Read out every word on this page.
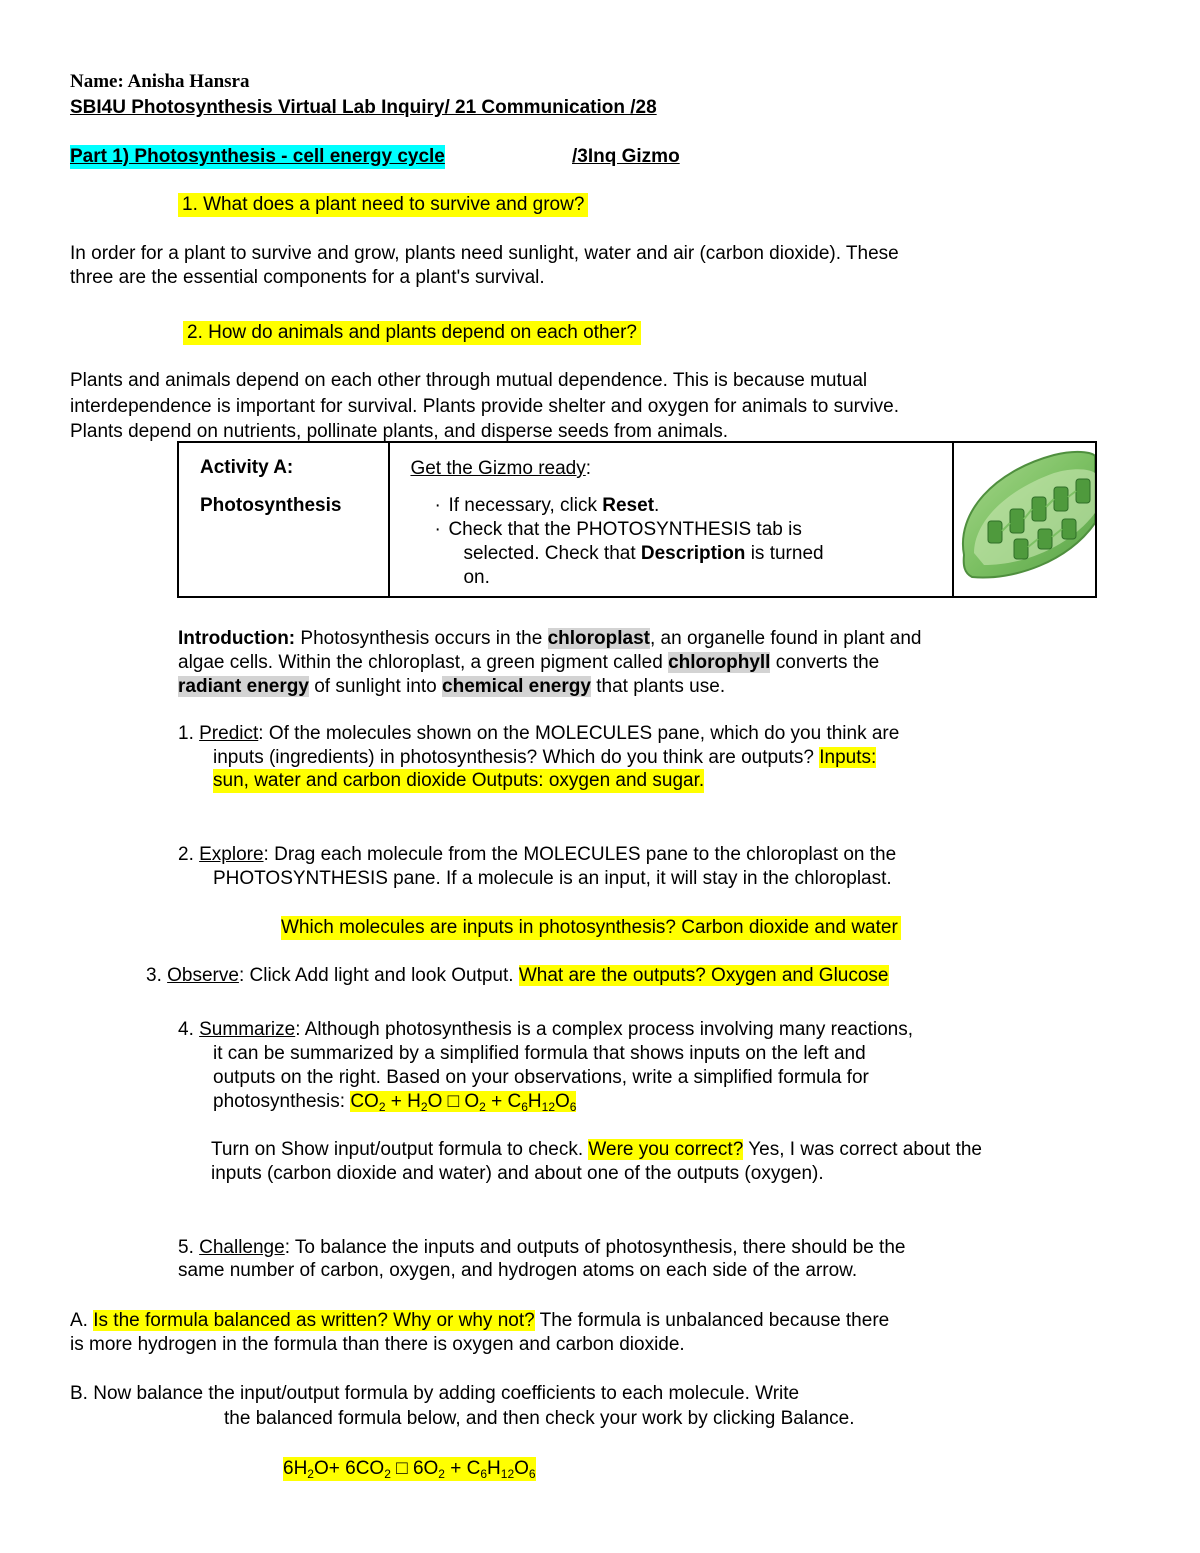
Name: Anisha Hansra
SBI4U Photosynthesis Virtual Lab Inquiry/ 21 Communication /28
Part 1) Photosynthesis - cell energy cycle	/3Inq Gizmo
1. What does a plant need to survive and grow?
In order for a plant to survive and grow, plants need sunlight, water and air (carbon dioxide). These
three are the essential components for a plant's survival.
2. How do animals and plants depend on each other?
Plants and animals depend on each other through mutual dependence. This is because mutual
interdependence is important for survival. Plants provide shelter and oxygen for animals to survive.
Plants depend on nutrients, pollinate plants, and disperse seeds from animals.
Activity A:
Photosynthesis

Get the Gizmo ready:
· If necessary, click Reset.
· Check that the PHOTOSYNTHESIS tab is
selected. Check that Description is turned
on.

Introduction: Photosynthesis occurs in the chloroplast, an organelle found in plant and
algae cells. Within the chloroplast, a green pigment called chlorophyll converts the
radiant energy of sunlight into chemical energy that plants use.
1. Predict: Of the molecules shown on the MOLECULES pane, which do you think are
inputs (ingredients) in photosynthesis? Which do you think are outputs? Inputs:
sun, water and carbon dioxide Outputs: oxygen and sugar.
2. Explore: Drag each molecule from the MOLECULES pane to the chloroplast on the
PHOTOSYNTHESIS pane. If a molecule is an input, it will stay in the chloroplast.
Which molecules are inputs in photosynthesis? Carbon dioxide and water
3. Observe: Click Add light and look Output. What are the outputs? Oxygen and Glucose
4. Summarize: Although photosynthesis is a complex process involving many reactions,
it can be summarized by a simplified formula that shows inputs on the left and
outputs on the right. Based on your observations, write a simplified formula for
photosynthesis: $CO_2 + H_2O$ □ $O_2 + C_6H_{12}O_6$
Turn on Show input/output formula to check. Were you correct? Yes, I was correct about the
inputs (carbon dioxide and water) and about one of the outputs (oxygen).
5. Challenge: To balance the inputs and outputs of photosynthesis, there should be the
same number of carbon, oxygen, and hydrogen atoms on each side of the arrow.
A. Is the formula balanced as written? Why or why not? The formula is unbalanced because there
is more hydrogen in the formula than there is oxygen and carbon dioxide.
B. Now balance the input/output formula by adding coefficients to each molecule. Write
the balanced formula below, and then check your work by clicking Balance.
$6H_2O+ 6CO_2$ □ $6O_2 + C_6H_{12}O_6$
